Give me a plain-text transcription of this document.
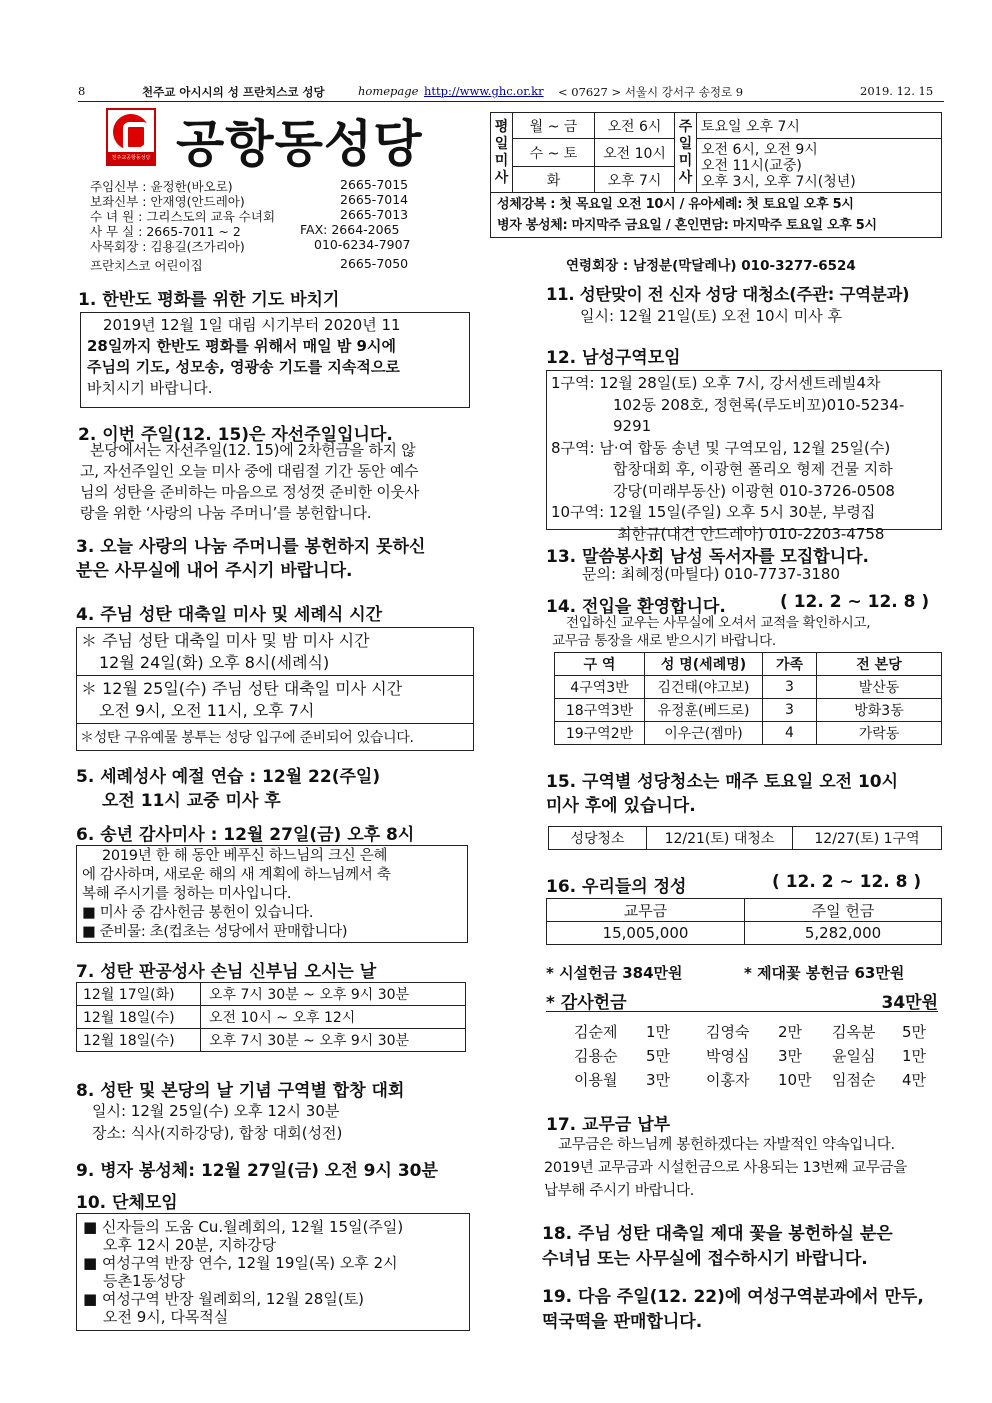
8	천주교 아시시의 성 프란치스코 성당	homepage http://www.ghc.or.kr < 07627 > 서울시 강서구 송정로 9	2019. 12. 15
천주교공항동성당 공항동성당
주임신부 : 윤정한(바오로)	2665-7015
보좌신부 : 안재영(안드레아)	2665-7014
수 녀 원 : 그리스도의 교육 수녀회	2665-7013
사 무 실 : 2665-7011 ~ 2	FAX: 2664-2065
사목회장 : 김용길(즈가리아)	010-6234-7907
프란치스코 어린이집	2665-7050
평일미사	월 ~ 금	오전 6시	주일미사	토요일 오후 7시
	수 ~ 토	오전 10시		오전 6시, 오전 9시
오전 11시(교중)
오후 3시, 오후 7시(청년)

	화	오후 7시		

성체강복 : 첫 목요일 오전 10시 / 유아세례: 첫 토요일 오후 5시
병자 봉성체: 마지막주 금요일 / 혼인면담: 마지막주 토요일 오후 5시				
연령회장 : 남정분(막달레나) 010-3277-6524
1. 한반도 평화를 위한 기도 바치기
2019년 12월 1일 대림 시기부터 2020년 11
28일까지 한반도 평화를 위해서 매일 밤 9시에
주님의 기도, 성모송, 영광송 기도를 지속적으로
바치시기 바랍니다.
2. 이번 주일(12. 15)은 자선주일입니다.
본당에서는 자선주일(12. 15)에 2차헌금을 하지 않
고, 자선주일인 오늘 미사 중에 대림절 기간 동안 예수
님의 성탄을 준비하는 마음으로 정성껏 준비한 이웃사
랑을 위한 ‘사랑의 나눔 주머니’를 봉헌합니다.
3. 오늘 사랑의 나눔 주머니를 봉헌하지 못하신
분은 사무실에 내어 주시기 바랍니다.
4. 주님 성탄 대축일 미사 및 세례식 시간
＊ 주님 성탄 대축일 미사 및 밤 미사 시간
12월 24일(화) 오후 8시(세례식)
＊ 12월 25일(수) 주님 성탄 대축일 미사 시간
오전 9시, 오전 11시, 오후 7시
＊성탄 구유예물 봉투는 성당 입구에 준비되어 있습니다.
5. 세례성사 예절 연습 : 12월 22(주일)
오전 11시 교중 미사 후
6. 송년 감사미사 : 12월 27일(금) 오후 8시
2019년 한 해 동안 베푸신 하느님의 크신 은혜
에 감사하며, 새로운 해의 새 계획에 하느님께서 축
복해 주시기를 청하는 미사입니다.
■ 미사 중 감사헌금 봉헌이 있습니다.
■ 준비물: 초(컵초는 성당에서 판매합니다)
7. 성탄 판공성사 손님 신부님 오시는 날
12월 17일(화)	오후 7시 30분 ~ 오후 9시 30분
12월 18일(수)	오전 10시 ~ 오후 12시
12월 18일(수)	오후 7시 30분 ~ 오후 9시 30분
8. 성탄 및 본당의 날 기념 구역별 합창 대회
일시: 12월 25일(수) 오후 12시 30분
장소: 식사(지하강당), 합창 대회(성전)
9. 병자 봉성체: 12월 27일(금) 오전 9시 30분
10. 단체모임
■ 신자들의 도움 Cu.월례회의, 12월 15일(주일)
오후 12시 20분, 지하강당
■ 여성구역 반장 연수, 12월 19일(목) 오후 2시
등촌1동성당
■ 여성구역 반장 월례회의, 12월 28일(토)
오전 9시, 다목적실
11. 성탄맞이 전 신자 성당 대청소(주관: 구역분과)
일시: 12월 21일(토) 오전 10시 미사 후
12. 남성구역모임
1구역: 12월 28일(토) 오후 7시, 강서센트레빌4차
102동 208호, 정현록(루도비꼬)010-5234-9291
8구역: 남·여 합동 송년 및 구역모임, 12월 25일(수)
합창대회 후, 이광현 폴리오 형제 건물 지하
강당(미래부동산) 이광현 010-3726-0508
10구역: 12월 15일(주일) 오후 5시 30분, 부령집
최한규(대건 안드레아) 010-2203-4758
13. 말씀봉사회 남성 독서자를 모집합니다.
문의: 최혜정(마틸다) 010-7737-3180
14. 전입을 환영합니다.	( 12. 2 ~ 12. 8 )
전입하신 교우는 사무실에 오셔서 교적을 확인하시고,
교무금 통장을 새로 받으시기 바랍니다.
구 역	성 명(세례명)	가족	전 본당
4구역3반	김건태(야고보)	3	발산동
18구역3반	유정훈(베드로)	3	방화3동
19구역2반	이우근(젬마)	4	가락동
15. 구역별 성당청소는 매주 토요일 오전 10시
미사 후에 있습니다.
성당청소	12/21(토) 대청소	12/27(토) 1구역
16. 우리들의 정성	( 12. 2 ~ 12. 8 )
교무금	주일 헌금
15,005,000	5,282,000
* 시설헌금 384만원	* 제대꽃 봉헌금 63만원
* 감사헌금	34만원
김순제 1만 김영숙 2만 김옥분 5만
김용순 5만 박영심 3만 윤일심 1만
이용월 3만 이홍자 10만 임점순 4만
17. 교무금 납부
교무금은 하느님께 봉헌하겠다는 자발적인 약속입니다.
2019년 교무금과 시설헌금으로 사용되는 13번째 교무금을
납부해 주시기 바랍니다.
18. 주님 성탄 대축일 제대 꽃을 봉헌하실 분은
수녀님 또는 사무실에 접수하시기 바랍니다.
19. 다음 주일(12. 22)에 여성구역분과에서 만두,
떡국떡을 판매합니다.
